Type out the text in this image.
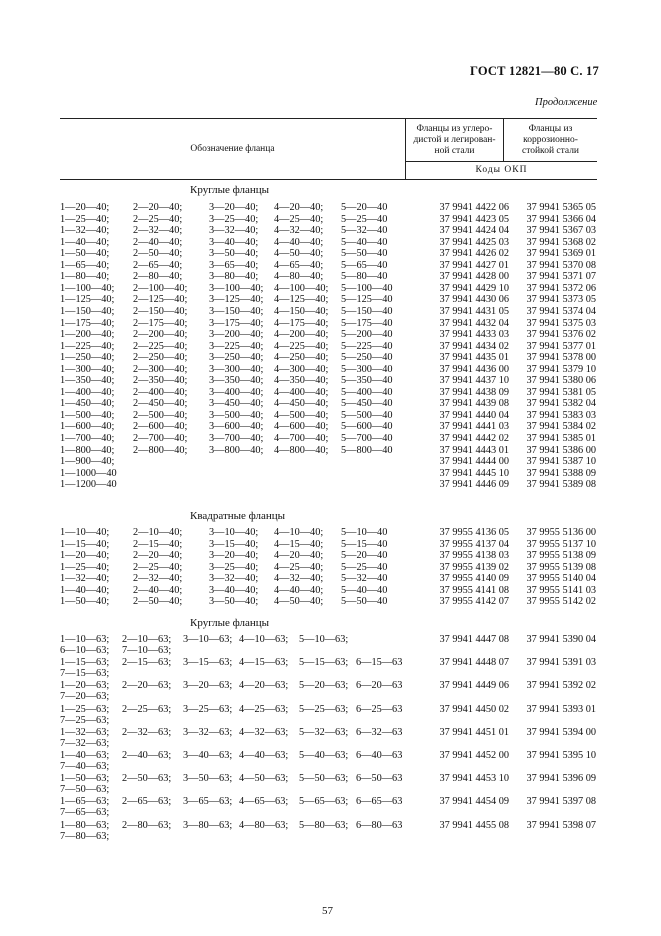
ГОСТ 12821—80 С. 17
Продолжение
Обозначение фланца	
Фланцы из углеро-
дистой и легирован-
ной стали

Фланцы из
коррозионно-
стойкой стали

Коды ОКП
Круглые фланцы
1—20—40; 2—20—40;	3—20—40; 4—20—40; 5—20—40	37 9941 4422 06 37 9941 5365 05
1—25—40; 2—25—40;	3—25—40; 4—25—40; 5—25—40	37 9941 4423 05 37 9941 5366 04
1—32—40; 2—32—40;	3—32—40; 4—32—40; 5—32—40	37 9941 4424 04 37 9941 5367 03
1—40—40; 2—40—40;	3—40—40; 4—40—40; 5—40—40	37 9941 4425 03 37 9941 5368 02
1—50—40; 2—50—40;	3—50—40; 4—50—40; 5—50—40	37 9941 4426 02 37 9941 5369 01
1—65—40; 2—65—40;	3—65—40; 4—65—40; 5—65—40	37 9941 4427 01 37 9941 5370 08
1—80—40; 2—80—40;	3—80—40; 4—80—40; 5—80—40	37 9941 4428 00 37 9941 5371 07
1—100—40; 2—100—40; 3—100—40; 4—100—40; 5—100—40	37 9941 4429 10 37 9941 5372 06
1—125—40; 2—125—40; 3—125—40; 4—125—40; 5—125—40	37 9941 4430 06 37 9941 5373 05
1—150—40; 2—150—40; 3—150—40; 4—150—40; 5—150—40	37 9941 4431 05 37 9941 5374 04
1—175—40; 2—175—40; 3—175—40; 4—175—40; 5—175—40	37 9941 4432 04 37 9941 5375 03
1—200—40; 2—200—40; 3—200—40; 4—200—40; 5—200—40	37 9941 4433 03 37 9941 5376 02
1—225—40; 2—225—40; 3—225—40; 4—225—40; 5—225—40	37 9941 4434 02 37 9941 5377 01
1—250—40; 2—250—40; 3—250—40; 4—250—40; 5—250—40	37 9941 4435 01 37 9941 5378 00
1—300—40; 2—300—40; 3—300—40; 4—300—40; 5—300—40	37 9941 4436 00 37 9941 5379 10
1—350—40; 2—350—40; 3—350—40; 4—350—40; 5—350—40	37 9941 4437 10 37 9941 5380 06
1—400—40; 2—400—40; 3—400—40; 4—400—40; 5—400—40	37 9941 4438 09 37 9941 5381 05
1—450—40; 2—450—40; 3—450—40; 4—450—40; 5—450—40	37 9941 4439 08 37 9941 5382 04
1—500—40; 2—500—40; 3—500—40; 4—500—40; 5—500—40	37 9941 4440 04 37 9941 5383 03
1—600—40; 2—600—40; 3—600—40; 4—600—40; 5—600—40	37 9941 4441 03 37 9941 5384 02
1—700—40; 2—700—40; 3—700—40; 4—700—40; 5—700—40	37 9941 4442 02 37 9941 5385 01
1—800—40; 2—800—40; 3—800—40; 4—800—40; 5—800—40	37 9941 4443 01 37 9941 5386 00
1—900—40;	37 9941 4444 00 37 9941 5387 10
1—1000—40	37 9941 4445 10 37 9941 5388 09
1—1200—40	37 9941 4446 09 37 9941 5389 08
Квадратные фланцы
1—10—40; 2—10—40;	3—10—40; 4—10—40; 5—10—40	37 9955 4136 05 37 9955 5136 00
1—15—40; 2—15—40;	3—15—40; 4—15—40; 5—15—40	37 9955 4137 04 37 9955 5137 10
1—20—40; 2—20—40;	3—20—40; 4—20—40; 5—20—40	37 9955 4138 03 37 9955 5138 09
1—25—40; 2—25—40;	3—25—40; 4—25—40; 5—25—40	37 9955 4139 02 37 9955 5139 08
1—32—40; 2—32—40;	3—32—40; 4—32—40; 5—32—40	37 9955 4140 09 37 9955 5140 04
1—40—40; 2—40—40;	3—40—40; 4—40—40; 5—40—40	37 9955 4141 08 37 9955 5141 03
1—50—40; 2—50—40;	3—50—40; 4—50—40; 5—50—40	37 9955 4142 07 37 9955 5142 02
Круглые фланцы
1—10—63; 2—10—63; 3—10—63; 4—10—63; 5—10—63;	37 9941 4447 08 37 9941 5390 04
6—10—63; 7—10—63;
1—15—63; 2—15—63; 3—15—63; 4—15—63; 5—15—63; 6—15—63	37 9941 4448 07 37 9941 5391 03
7—15—63;
1—20—63; 2—20—63; 3—20—63; 4—20—63; 5—20—63; 6—20—63	37 9941 4449 06 37 9941 5392 02
7—20—63;
1—25—63; 2—25—63; 3—25—63; 4—25—63; 5—25—63; 6—25—63	37 9941 4450 02 37 9941 5393 01
7—25—63;
1—32—63; 2—32—63; 3—32—63; 4—32—63; 5—32—63; 6—32—63	37 9941 4451 01 37 9941 5394 00
7—32—63;
1—40—63; 2—40—63; 3—40—63; 4—40—63; 5—40—63; 6—40—63	37 9941 4452 00 37 9941 5395 10
7—40—63;
1—50—63; 2—50—63; 3—50—63; 4—50—63; 5—50—63; 6—50—63	37 9941 4453 10 37 9941 5396 09
7—50—63;
1—65—63; 2—65—63; 3—65—63; 4—65—63; 5—65—63; 6—65—63	37 9941 4454 09 37 9941 5397 08
7—65—63;
1—80—63; 2—80—63; 3—80—63; 4—80—63; 5—80—63; 6—80—63	37 9941 4455 08 37 9941 5398 07
7—80—63;
57
